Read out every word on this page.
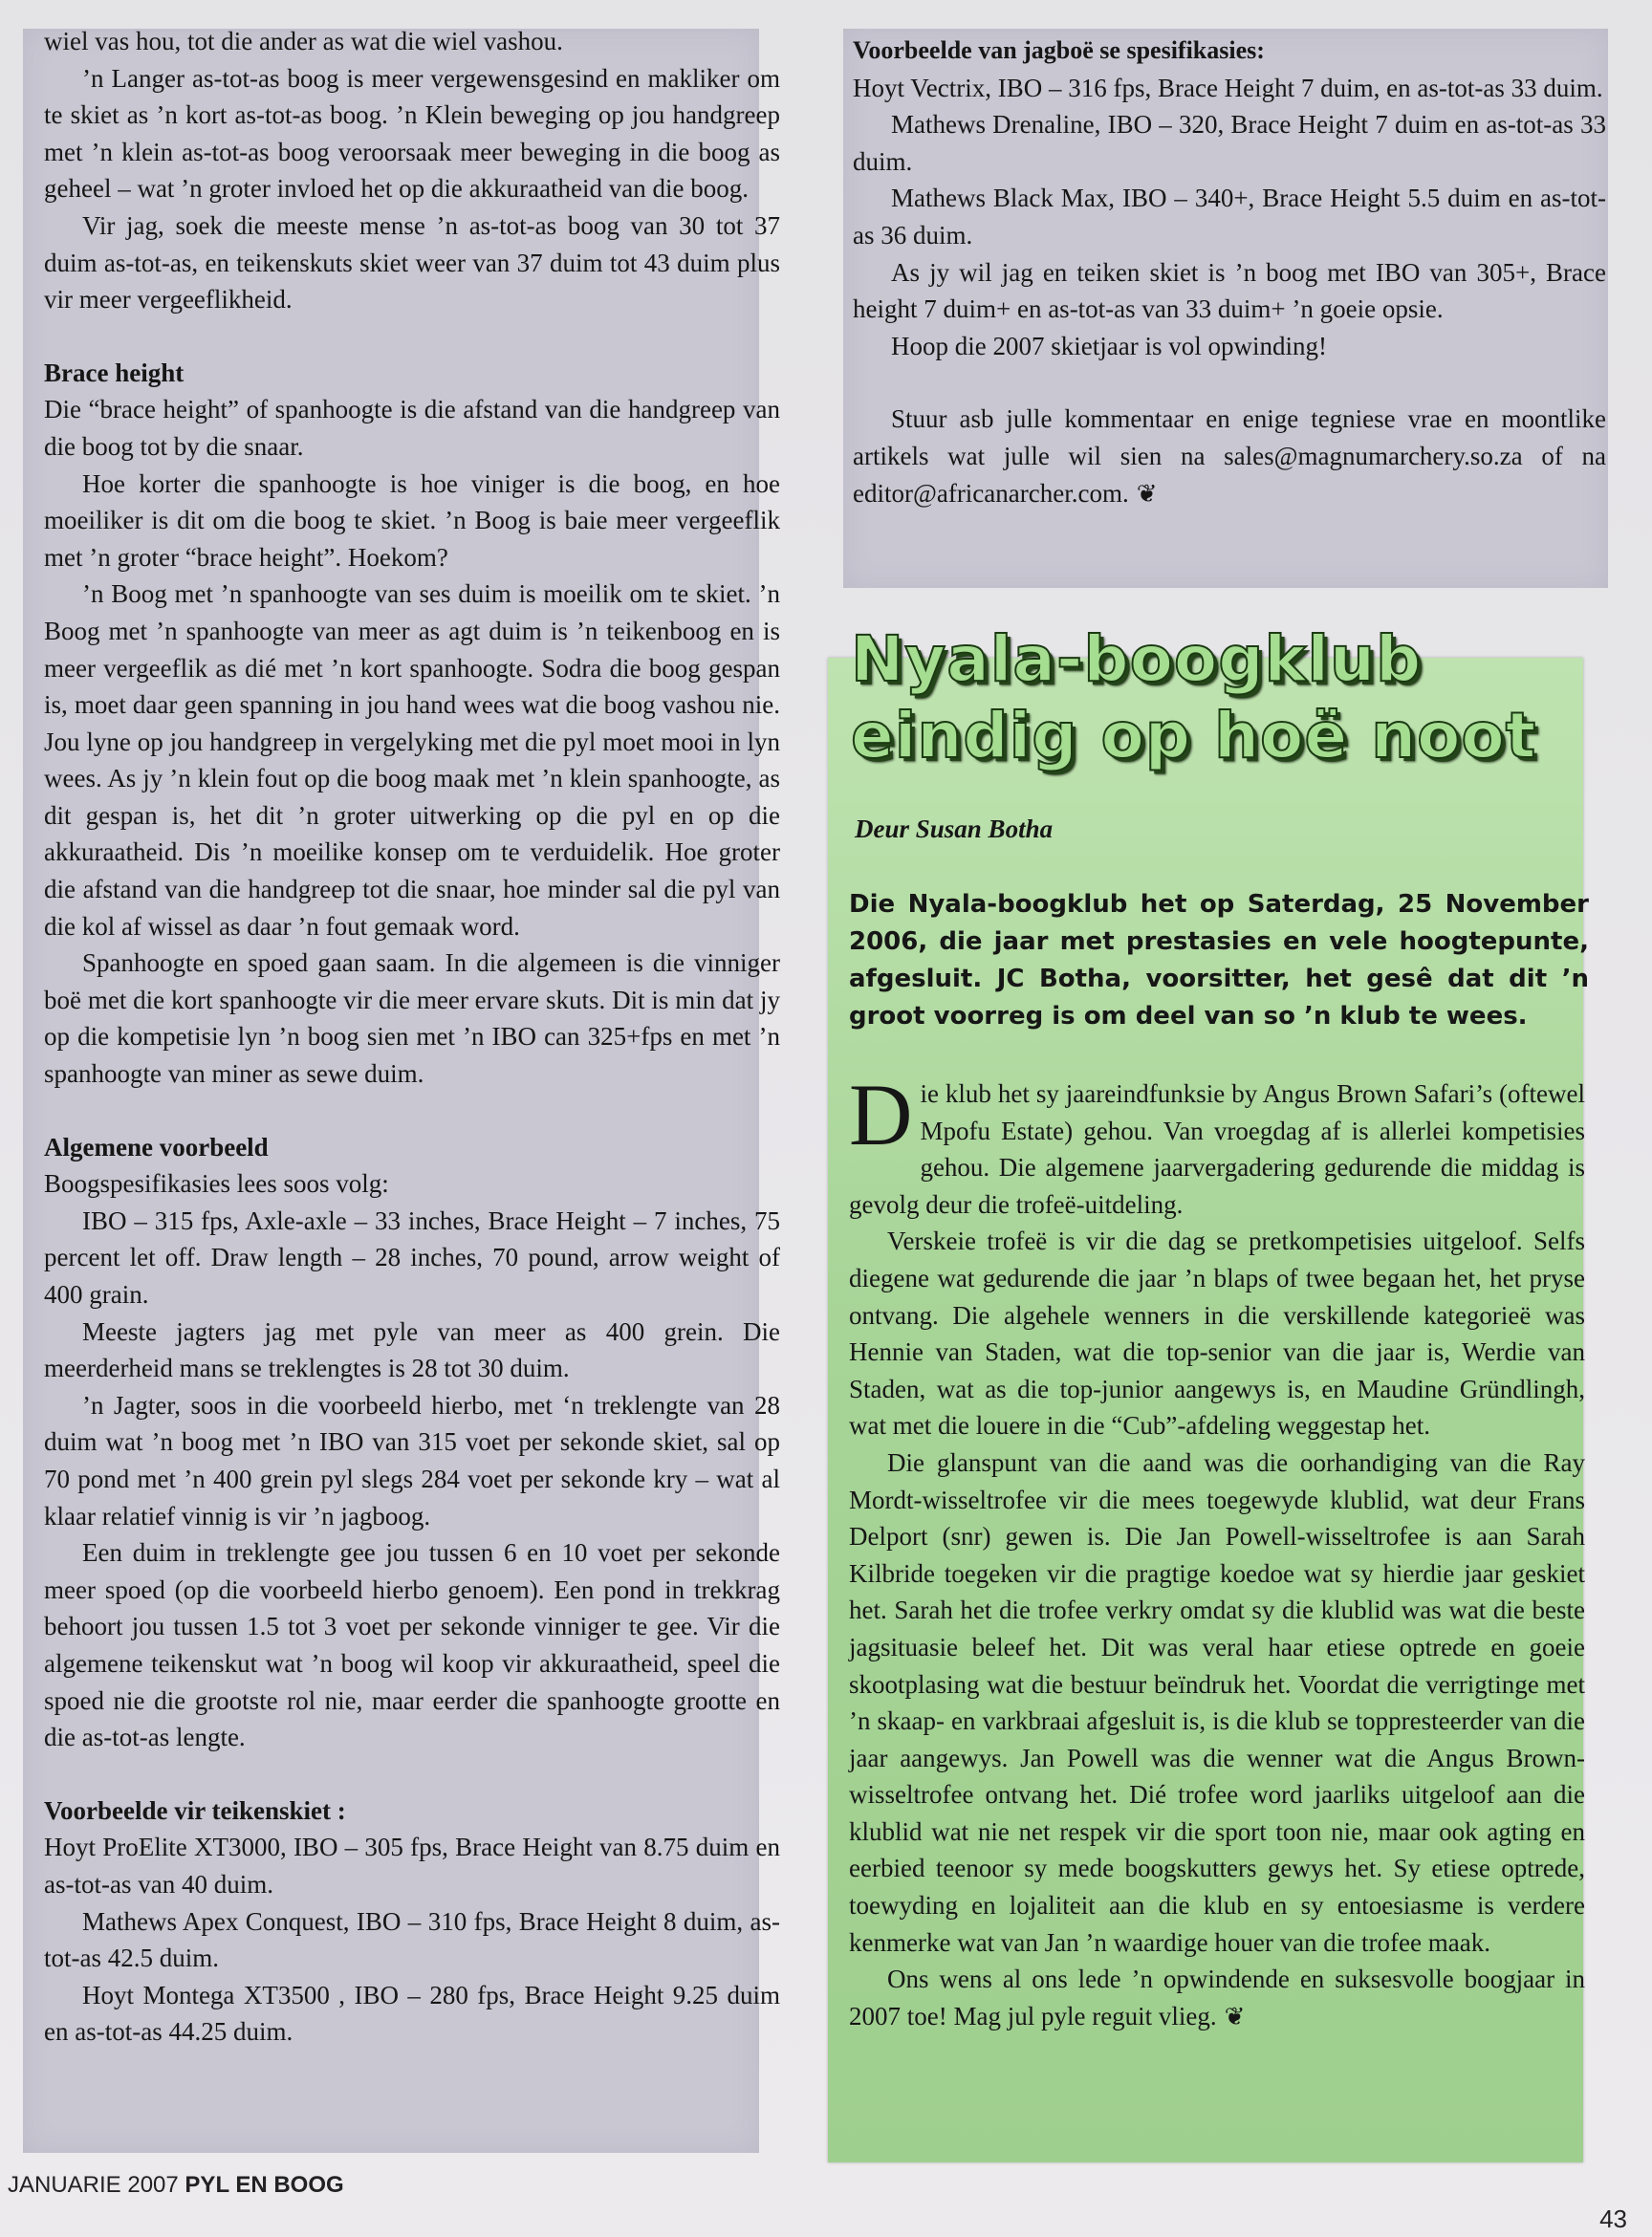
wiel vas hou, tot die ander as wat die wiel vashou.

’n Langer as-tot-as boog is meer vergewensgesind en makliker om te skiet as ’n kort as-tot-as boog. ’n Klein beweging op jou handgreep met ’n klein as-tot-as boog veroorsaak meer beweging in die boog as geheel – wat ’n groter invloed het op die akkuraatheid van die boog.

Vir jag, soek die meeste mense ’n as-tot-as boog van 30 tot 37 duim as-tot-as, en teikenskuts skiet weer van 37 duim tot 43 duim plus vir meer vergeeflikheid.

Brace height

Die “brace height” of spanhoogte is die afstand van die handgreep van die boog tot by die snaar.

Hoe korter die spanhoogte is hoe viniger is die boog, en hoe moeiliker is dit om die boog te skiet. ’n Boog is baie meer vergeeflik met ’n groter “brace height”. Hoekom?

’n Boog met ’n spanhoogte van ses duim is moeilik om te skiet. ’n Boog met ’n spanhoogte van meer as agt duim is ’n teikenboog en is meer vergeeflik as dié met ’n kort spanhoogte. Sodra die boog gespan is, moet daar geen spanning in jou hand wees wat die boog vashou nie. Jou lyne op jou handgreep in vergelyking met die pyl moet mooi in lyn wees. As jy ’n klein fout op die boog maak met ’n klein spanhoogte, as dit gespan is, het dit ’n groter uitwerking op die pyl en op die akkuraatheid. Dis ’n moeilike konsep om te verduidelik. Hoe groter die afstand van die handgreep tot die snaar, hoe minder sal die pyl van die kol af wissel as daar ’n fout gemaak word.

Spanhoogte en spoed gaan saam. In die algemeen is die vinniger boë met die kort spanhoogte vir die meer ervare skuts. Dit is min dat jy op die kompetisie lyn ’n boog sien met ’n IBO can 325+fps en met ’n spanhoogte van miner as sewe duim.

Algemene voorbeeld

Boogspesifikasies lees soos volg:

IBO – 315 fps, Axle-axle – 33 inches, Brace Height – 7 inches, 75 percent let off. Draw length – 28 inches, 70 pound, arrow weight of 400 grain.

Meeste jagters jag met pyle van meer as 400 grein. Die meerderheid mans se treklengtes is 28 tot 30 duim.

’n Jagter, soos in die voorbeeld hierbo, met ‘n treklengte van 28 duim wat ’n boog met ’n IBO van 315 voet per sekonde skiet, sal op 70 pond met ’n 400 grein pyl slegs 284 voet per sekonde kry – wat al klaar relatief vinnig is vir ’n jagboog.

Een duim in treklengte gee jou tussen 6 en 10 voet per sekonde meer spoed (op die voorbeeld hierbo genoem). Een pond in trekkrag behoort jou tussen 1.5 tot 3 voet per sekonde vinniger te gee. Vir die algemene teikenskut wat ’n boog wil koop vir akkuraatheid, speel die spoed nie die grootste rol nie, maar eerder die spanhoogte grootte en die as-tot-as lengte.

Voorbeelde vir teikenskiet :

Hoyt ProElite XT3000, IBO – 305 fps, Brace Height van 8.75 duim en as-tot-as van 40 duim.

Mathews Apex Conquest, IBO – 310 fps, Brace Height 8 duim, as-tot-as 42.5 duim.

Hoyt Montega XT3500 , IBO – 280 fps, Brace Height 9.25 duim en as-tot-as 44.25 duim.

Voorbeelde van jagboë se spesifikasies:

Hoyt Vectrix, IBO – 316 fps, Brace Height 7 duim, en as-tot-as 33 duim.

Mathews Drenaline, IBO – 320, Brace Height 7 duim en as-tot-as 33 duim.

Mathews Black Max, IBO – 340+, Brace Height 5.5 duim en as-tot-as 36 duim.

As jy wil jag en teiken skiet is ’n boog met IBO van 305+, Brace height 7 duim+ en as-tot-as van 33 duim+ ’n goeie opsie.

Hoop die 2007 skietjaar is vol opwinding!

Stuur asb julle kommentaar en enige tegniese vrae en moontlike artikels wat julle wil sien na sales@magnumarchery.so.za of na editor@africanarcher.com. ❦

Nyala-boogklub
eindig op hoë noot
Deur Susan Botha
Die Nyala-boogklub het op Saterdag, 25 November 2006, die jaar met prestasies en vele hoogtepunte, afgesluit. JC Botha, voorsitter, het gesê dat dit ’n groot voorreg is om deel van so ’n klub te wees.

Die klub het sy jaareindfunksie by Angus Brown Safari’s (oftewel Mpofu Estate) gehou. Van vroegdag af is allerlei kompetisies gehou. Die algemene jaarvergadering gedurende die middag is gevolg deur die trofeë-uitdeling.

Verskeie trofeë is vir die dag se pretkompetisies uitgeloof. Selfs diegene wat gedurende die jaar ’n blaps of twee begaan het, het pryse ontvang. Die algehele wenners in die verskillende kategorieë was Hennie van Staden, wat die top-senior van die jaar is, Werdie van Staden, wat as die top-junior aangewys is, en Maudine Gründlingh, wat met die louere in die “Cub”-afdeling weggestap het.

Die glanspunt van die aand was die oorhandiging van die Ray Mordt-wisseltrofee vir die mees toegewyde klublid, wat deur Frans Delport (snr) gewen is. Die Jan Powell-wisseltrofee is aan Sarah Kilbride toegeken vir die pragtige koedoe wat sy hierdie jaar geskiet het. Sarah het die trofee verkry omdat sy die klublid was wat die beste jagsituasie beleef het. Dit was veral haar etiese optrede en goeie skootplasing wat die bestuur beïndruk het. Voordat die verrigtinge met ’n skaap- en varkbraai afgesluit is, is die klub se toppresteerder van die jaar aangewys. Jan Powell was die wenner wat die Angus Brown-wisseltrofee ontvang het. Dié trofee word jaarliks uitgeloof aan die klublid wat nie net respek vir die sport toon nie, maar ook agting en eerbied teenoor sy mede boogskutters gewys het. Sy etiese optrede, toewyding en lojaliteit aan die klub en sy entoesiasme is verdere kenmerke wat van Jan ’n waardige houer van die trofee maak.

Ons wens al ons lede ’n opwindende en suksesvolle boogjaar in 2007 toe! Mag jul pyle reguit vlieg. ❦

JANUARIE 2007 PYL EN BOOG
43
